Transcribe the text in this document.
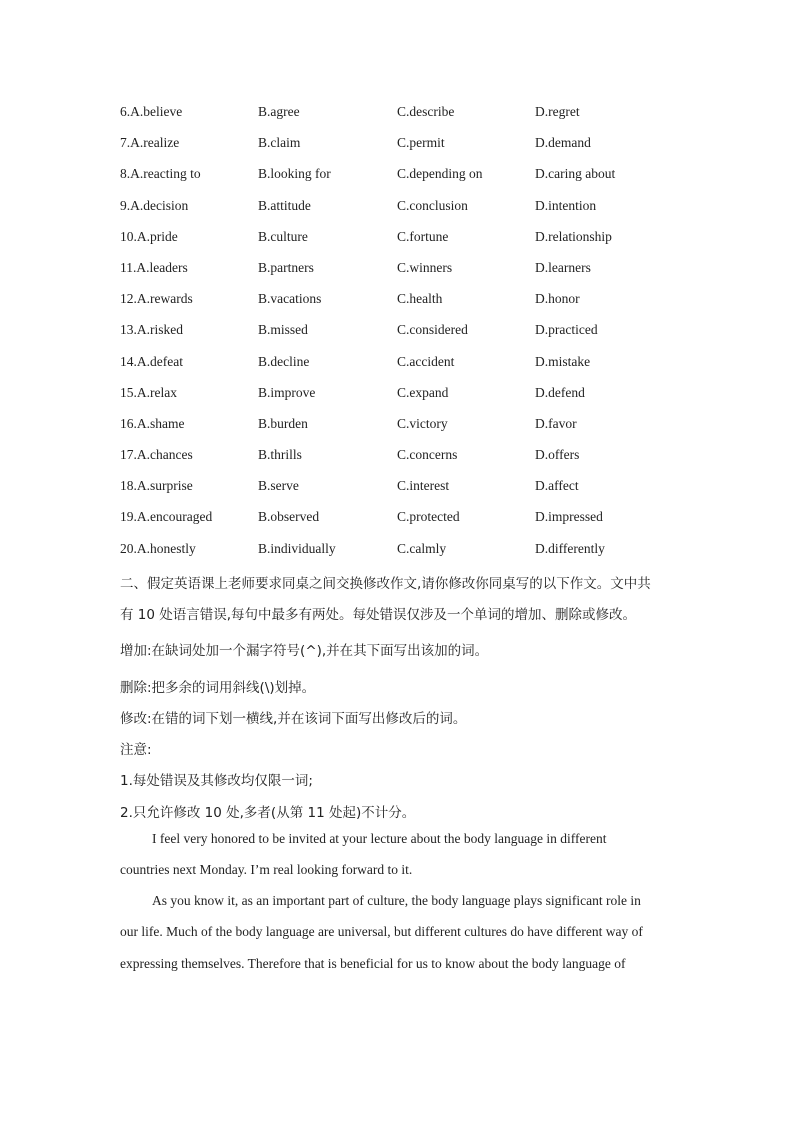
6.A.believe	B.agree	C.describe	D.regret
7.A.realize	B.claim	C.permit	D.demand
8.A.reacting to	B.looking for	C.depending on	D.caring about
9.A.decision	B.attitude	C.conclusion	D.intention
10.A.pride	B.culture	C.fortune	D.relationship
11.A.leaders	B.partners	C.winners	D.learners
12.A.rewards	B.vacations	C.health	D.honor
13.A.risked	B.missed	C.considered	D.practiced
14.A.defeat	B.decline	C.accident	D.mistake
15.A.relax	B.improve	C.expand	D.defend
16.A.shame	B.burden	C.victory	D.favor
17.A.chances	B.thrills	C.concerns	D.offers
18.A.surprise	B.serve	C.interest	D.affect
19.A.encouraged	B.observed	C.protected	D.impressed
20.A.honestly	B.individually	C.calmly	D.differently
二、假定英语课上老师要求同桌之间交换修改作文,请你修改你同桌写的以下作文。文中共
有 10 处语言错误,每句中最多有两处。每处错误仅涉及一个单词的增加、删除或修改。
增加:在缺词处加一个漏字符号(^),并在其下面写出该加的词。
删除:把多余的词用斜线(\)划掉。
修改:在错的词下划一横线,并在该词下面写出修改后的词。
注意:
1.每处错误及其修改均仅限一词;
2.只允许修改 10 处,多者(从第 11 处起)不计分。
I feel very honored to be invited at your lecture about the body language in different
countries next Monday. I’m real looking forward to it.
As you know it, as an important part of culture, the body language plays significant role in
our life. Much of the body language are universal, but different cultures do have different way of
expressing themselves. Therefore that is beneficial for us to know about the body language of
